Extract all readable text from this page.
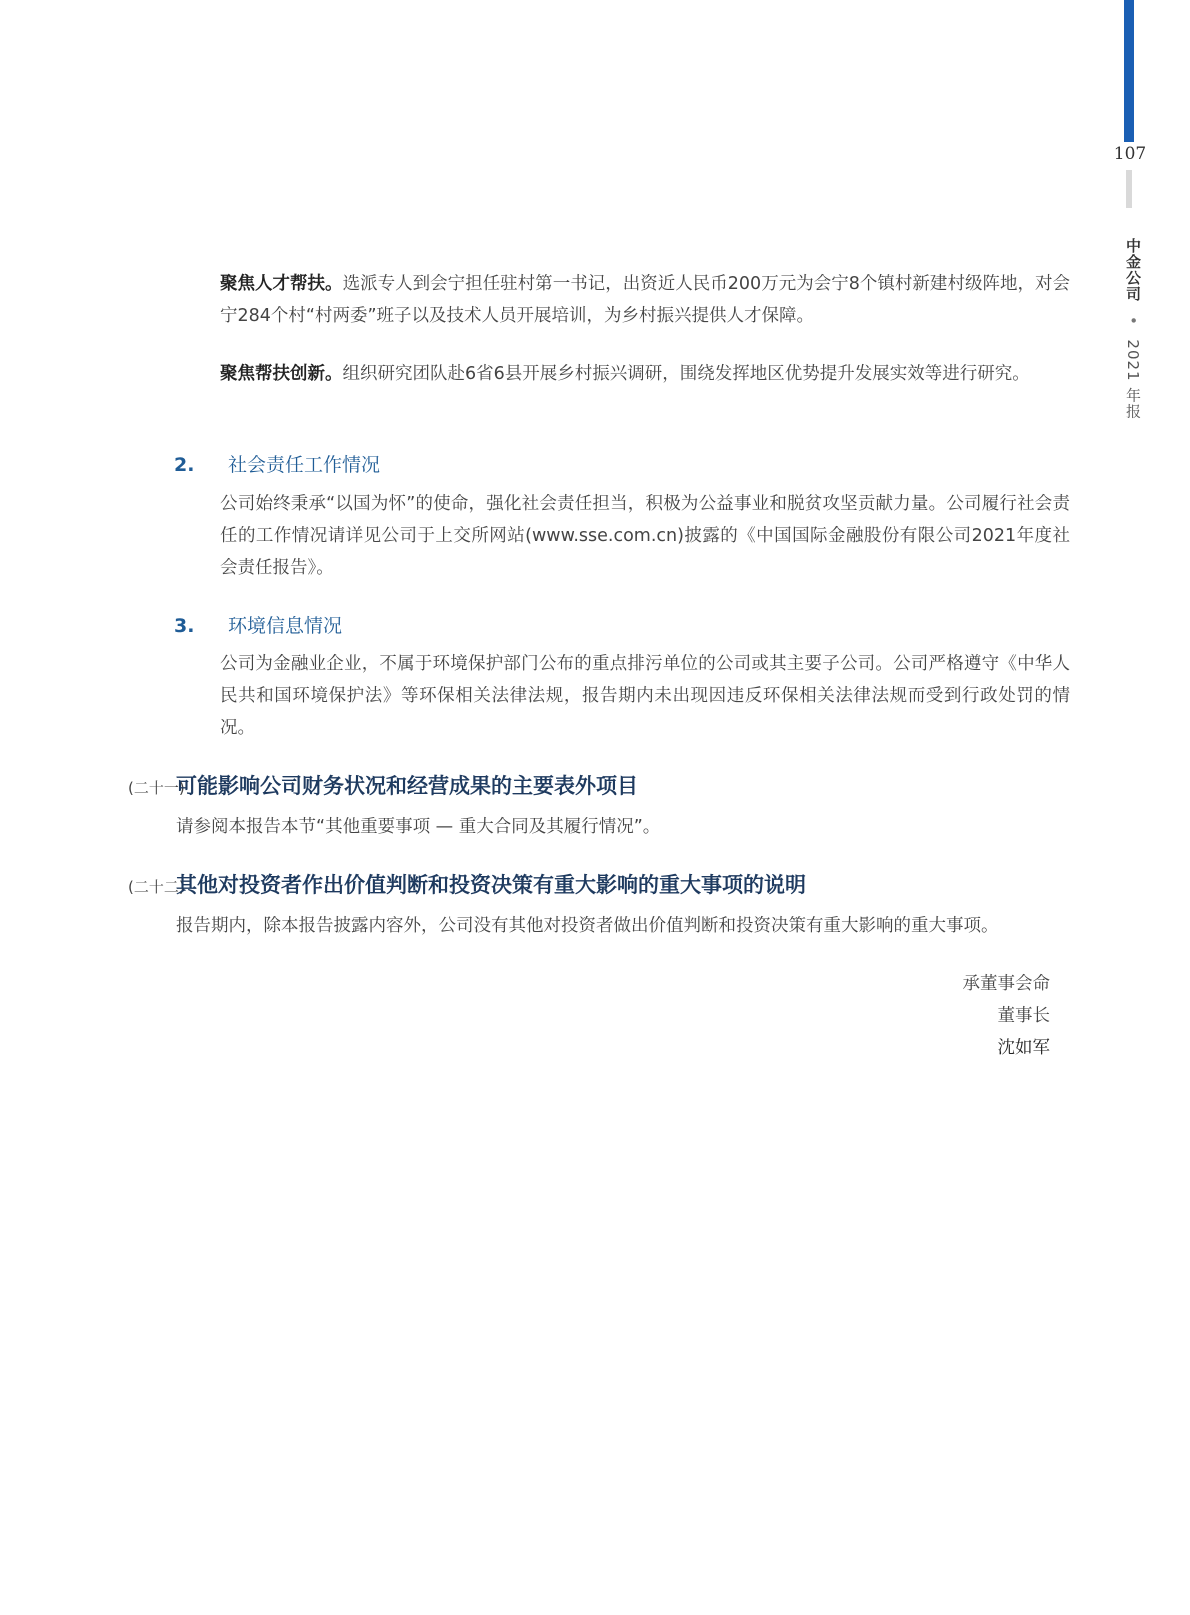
107
中金公司 • 2021 年报
聚焦人才帮扶。选派专人到会宁担任驻村第一书记，出资近人民币200万元为会宁8个镇村新建村级阵地，对会宁284个村“村两委”班子以及技术人员开展培训，为乡村振兴提供人才保障。
聚焦帮扶创新。组织研究团队赴6省6县开展乡村振兴调研，围绕发挥地区优势提升发展实效等进行研究。
2. 社会责任工作情况
公司始终秉承“以国为怀”的使命，强化社会责任担当，积极为公益事业和脱贫攻坚贡献力量。公司履行社会责任的工作情况请详见公司于上交所网站(www.sse.com.cn)披露的《中国国际金融股份有限公司2021年度社会责任报告》。
3. 环境信息情况
公司为金融业企业，不属于环境保护部门公布的重点排污单位的公司或其主要子公司。公司严格遵守《中华人民共和国环境保护法》等环保相关法律法规，报告期内未出现因违反环保相关法律法规而受到行政处罚的情况。
(二十一)可能影响公司财务状况和经营成果的主要表外项目
请参阅本报告本节“其他重要事项 — 重大合同及其履行情况”。
(二十二)其他对投资者作出价值判断和投资决策有重大影响的重大事项的说明
报告期内，除本报告披露内容外，公司没有其他对投资者做出价值判断和投资决策有重大影响的重大事项。
承董事会命
董事长
沈如军
